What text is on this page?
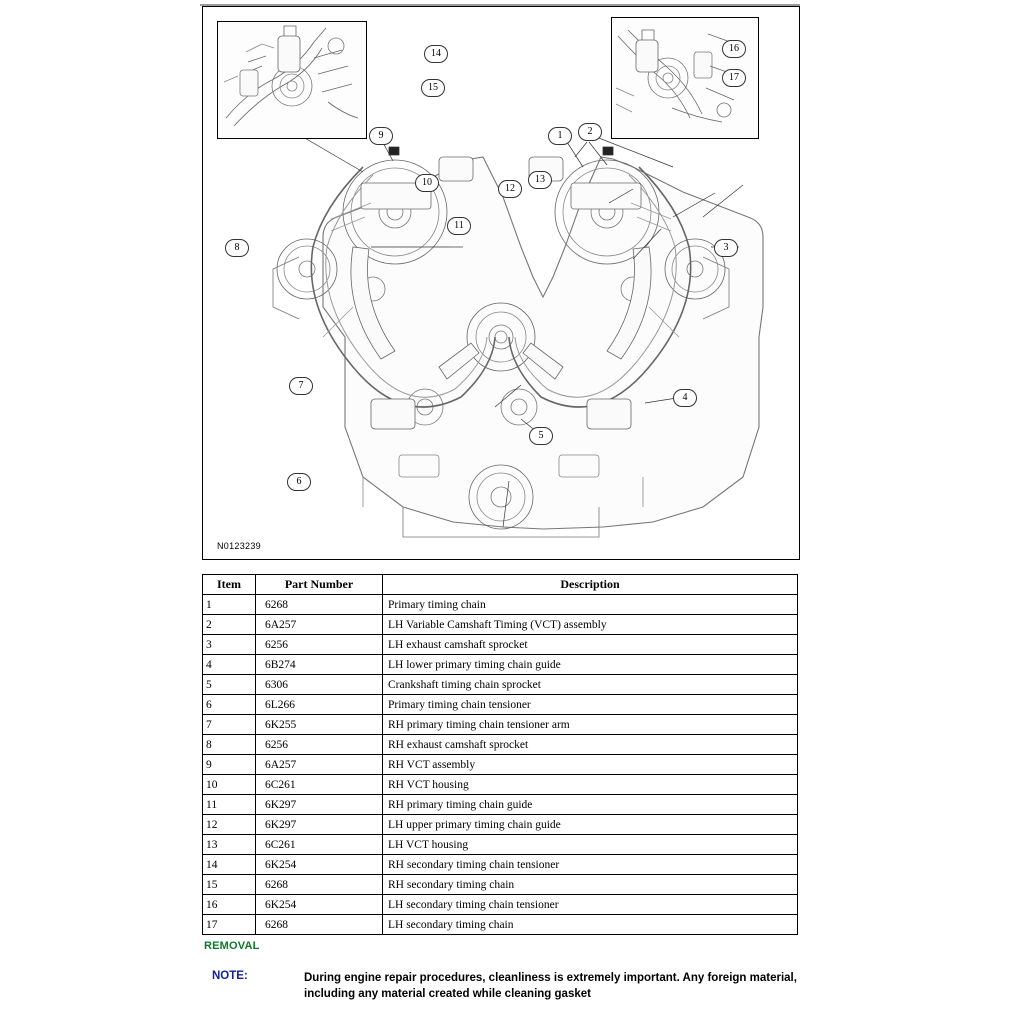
14
15
16
17
9	1	2
10
11
12
13
8	3
7
4
5
6
N0123239
Item	Part Number	Description
1	6268	Primary timing chain
2	6A257	LH Variable Camshaft Timing (VCT) assembly
3	6256	LH exhaust camshaft sprocket
4	6B274	LH lower primary timing chain guide
5	6306	Crankshaft timing chain sprocket
6	6L266	Primary timing chain tensioner
7	6K255	RH primary timing chain tensioner arm
8	6256	RH exhaust camshaft sprocket
9	6A257	RH VCT assembly
10	6C261	RH VCT housing
11	6K297	RH primary timing chain guide
12	6K297	LH upper primary timing chain guide
13	6C261	LH VCT housing
14	6K254	RH secondary timing chain tensioner
15	6268	RH secondary timing chain
16	6K254	LH secondary timing chain tensioner
17	6268	LH secondary timing chain
REMOVAL
NOTE:	During engine repair procedures, cleanliness is extremely important. Any foreign material, including any material created while cleaning gasket
